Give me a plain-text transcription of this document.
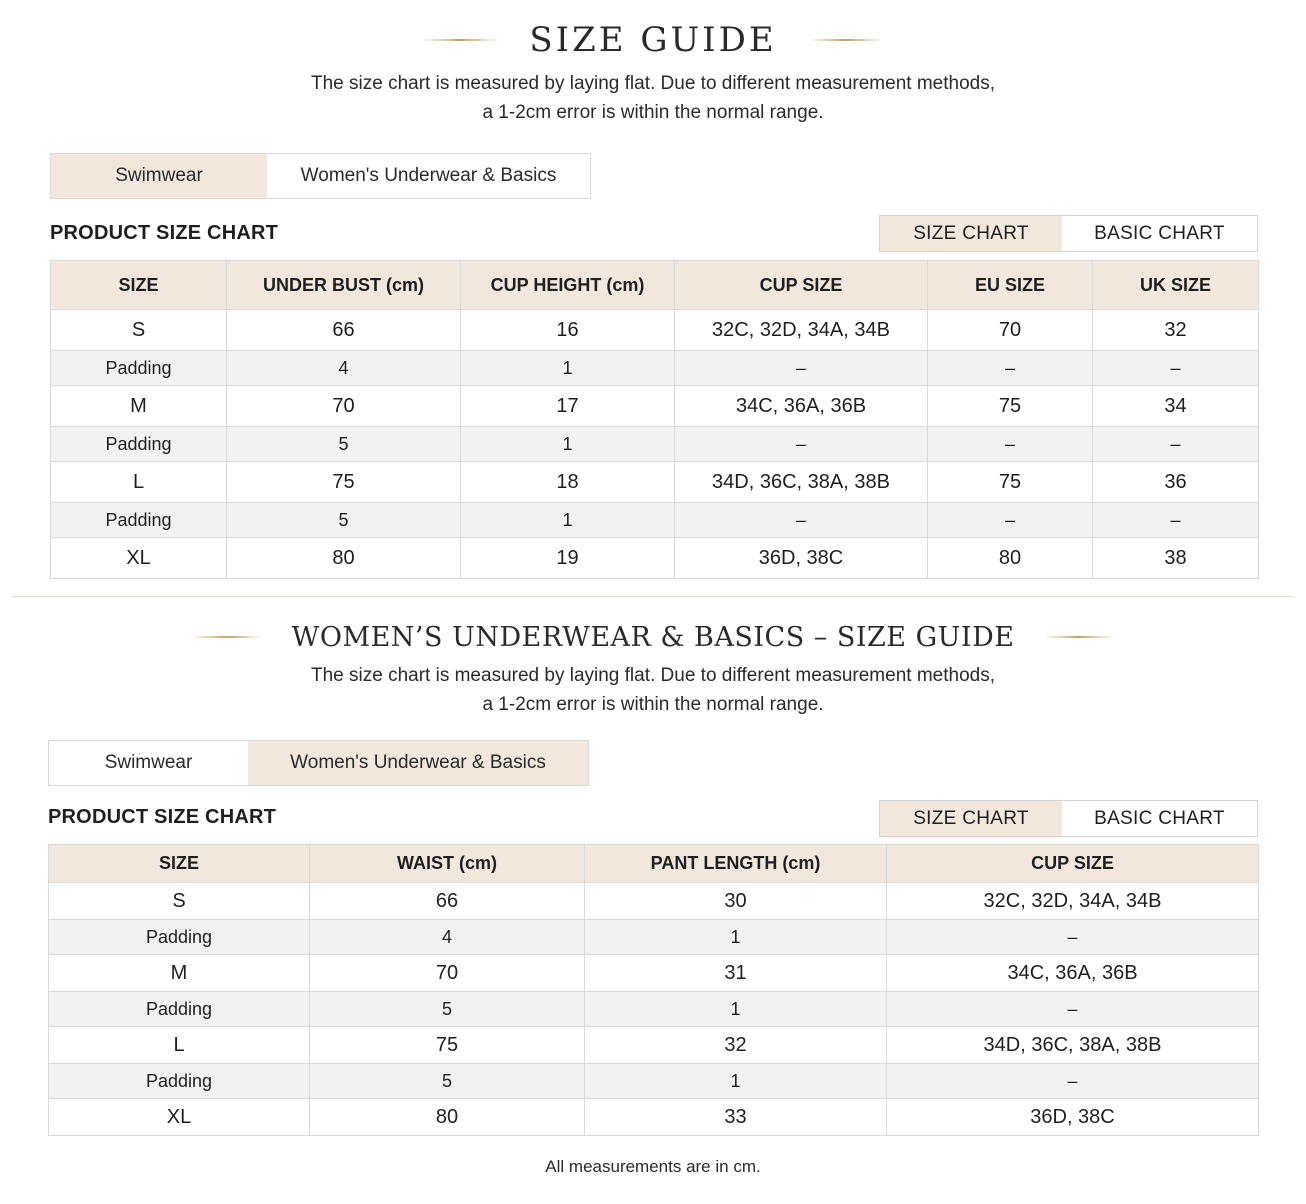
SIZE GUIDE
The size chart is measured by laying flat. Due to different measurement methods,
a 1-2cm error is within the normal range.
Swimwear	Women's Underwear & Basics
PRODUCT SIZE CHART	SIZE CHART	BASIC CHART
SIZE	UNDER BUST (cm)	CUP HEIGHT (cm)	CUP SIZE	EU SIZE	UK SIZE
S	66	16	32C, 32D, 34A, 34B	70	32
Padding	4	1	–	–	–
M	70	17	34C, 36A, 36B	75	34
Padding	5	1	–	–	–
L	75	18	34D, 36C, 38A, 38B	75	36
Padding	5	1	–	–	–
XL	80	19	36D, 38C	80	38
WOMEN’S UNDERWEAR & BASICS – SIZE GUIDE
The size chart is measured by laying flat. Due to different measurement methods,
a 1-2cm error is within the normal range.
Swimwear	Women's Underwear & Basics
PRODUCT SIZE CHART	SIZE CHART	BASIC CHART
SIZE	WAIST (cm)	PANT LENGTH (cm)	CUP SIZE
S	66	30	32C, 32D, 34A, 34B
Padding	4	1	–
M	70	31	34C, 36A, 36B
Padding	5	1	–
L	75	32	34D, 36C, 38A, 38B
Padding	5	1	–
XL	80	33	36D, 38C
All measurements are in cm.
